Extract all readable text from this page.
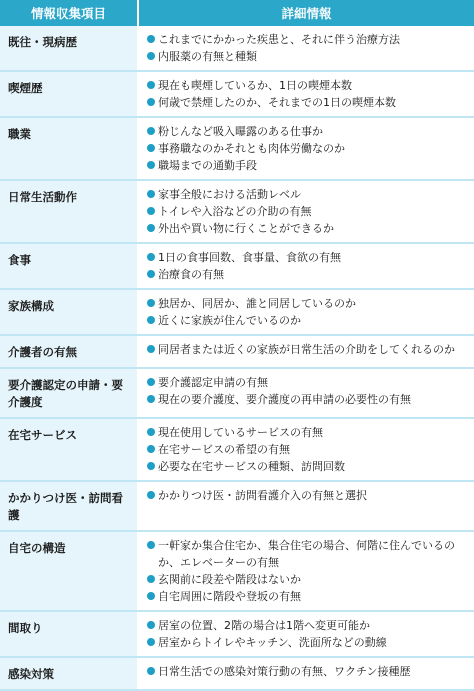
情報収集項目	詳細情報
既往・現病歴	これまでにかかった疾患と、それに伴う治療方法
内服薬の有無と種類

喫煙歴	現在も喫煙しているか、1日の喫煙本数
何歳で禁煙したのか、それまでの1日の喫煙本数

職業	粉じんなど吸入曝露のある仕事か
事務職なのかそれとも肉体労働なのか
職場までの通勤手段

日常生活動作	家事全般における活動レベル
トイレや入浴などの介助の有無
外出や買い物に行くことができるか

食事	1日の食事回数、食事量、食欲の有無
治療食の有無

家族構成	独居か、同居か、誰と同居しているのか
近くに家族が住んでいるのか

介護者の有無	同居者または近くの家族が日常生活の介助をしてくれるのか

要介護認定の申請・要介護度	要介護認定申請の有無
現在の要介護度、要介護度の再申請の必要性の有無

在宅サービス	現在使用しているサービスの有無
在宅サービスの希望の有無
必要な在宅サービスの種類、訪問回数

かかりつけ医・訪問看護	かかりつけ医・訪問看護介入の有無と選択

自宅の構造	一軒家か集合住宅か、集合住宅の場合、何階に住んでいるのか、エレベーターの有無
玄関前に段差や階段はないか
自宅周囲に階段や登坂の有無

間取り	居室の位置、2階の場合は1階へ変更可能か
居室からトイレやキッチン、洗面所などの動線

感染対策	日常生活での感染対策行動の有無、ワクチン接種歴
